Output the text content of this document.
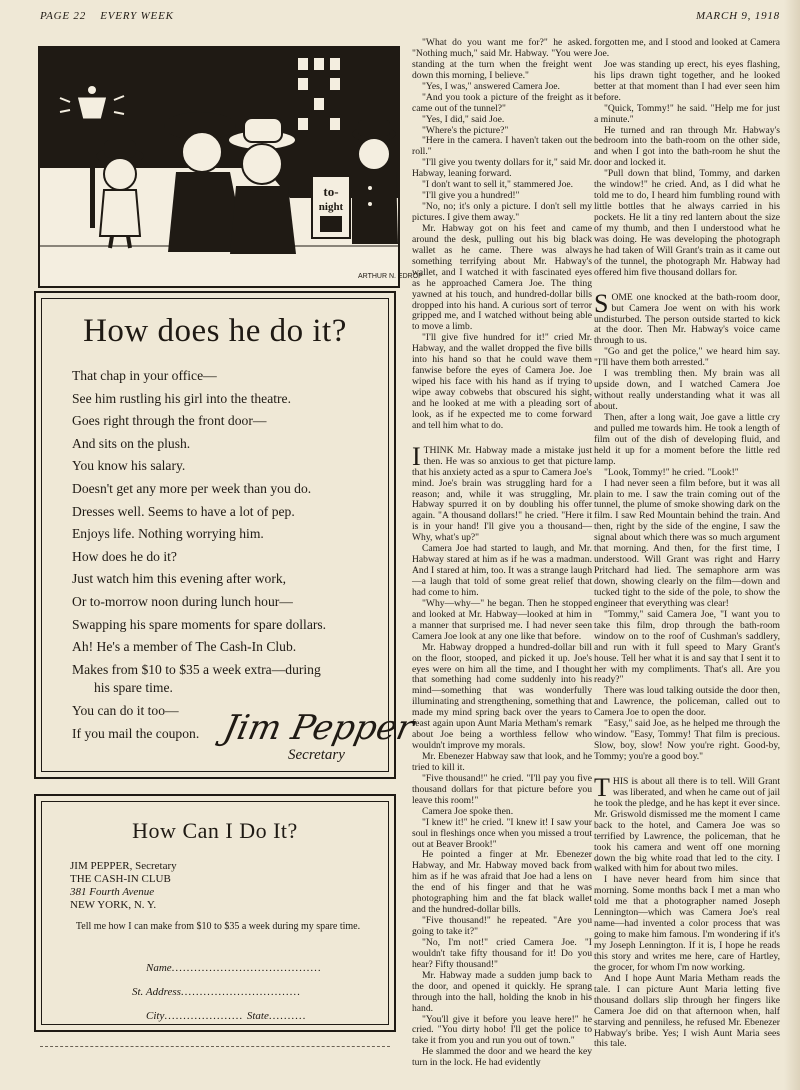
PAGE 22 EVERY WEEK	MARCH 9, 1918
to-
night
ARTHUR N. EDROP
How does he do it?
That chap in your office—
See him rustling his girl into the theatre.
Goes right through the front door—
And sits on the plush.
You know his salary.
Doesn't get any more per week than you do.
Dresses well. Seems to have a lot of pep.
Enjoys life. Nothing worrying him.
How does he do it?
Just watch him this evening after work,
Or to-morrow noon during lunch hour—
Swapping his spare moments for spare dollars.
Ah! He's a member of The Cash-In Club.
Makes from $10 to $35 a week extra—during
his spare time.
You can do it too—
If you mail the coupon. Jim Pepper
Secretary
How Can I Do It?
JIM PEPPER, Secretary
THE CASH-IN CLUB
381 Fourth Avenue
NEW YORK, N. Y.
Tell me how I can make from $10 to $35 a week during my spare time.
Name........................................
St. Address................................
City..................... State..........

"What do you want me for?" he asked. "Nothing much," said Mr. Habway. "You were standing at the turn when the freight went down this morning, I believe."

"Yes, I was," answered Camera Joe.

"And you took a picture of the freight as it came out of the tunnel?"

"Yes, I did," said Joe.

"Where's the picture?"

"Here in the camera. I haven't taken out the roll."

"I'll give you twenty dollars for it," said Mr. Habway, leaning forward.

"I don't want to sell it," stammered Joe.

"I'll give you a hundred!"

"No, no; it's only a picture. I don't sell my pictures. I give them away."

Mr. Habway got on his feet and came around the desk, pulling out his big black wallet as he came. There was always something terrifying about Mr. Habway's wallet, and I watched it with fascinated eyes as he approached Camera Joe. The thing yawned at his touch, and hundred-dollar bills dropped into his hand. A curious sort of terror gripped me, and I watched without being able to move a limb.

"I'll give five hundred for it!" cried Mr. Habway, and the wallet dropped the five bills into his hand so that he could wave them fanwise before the eyes of Camera Joe. Joe wiped his face with his hand as if trying to wipe away cobwebs that obscured his sight, and he looked at me with a pleading sort of look, as if he expected me to come forward and tell him what to do.

ITHINK Mr. Habway made a mistake just then. He was so anxious to get that picture that his anxiety acted as a spur to Camera Joe's mind. Joe's brain was struggling hard for a reason; and, while it was struggling, Mr. Habway spurred it on by doubling his offer again. "A thousand dollars!" he cried. "Here it is in your hand! I'll give you a thousand— Why, what's up?"

Camera Joe had started to laugh, and Mr. Habway stared at him as if he was a madman. And I stared at him, too. It was a strange laugh—a laugh that told of some great relief that had come to him.

"Why—why—" he began. Then he stopped and looked at Mr. Habway—looked at him in a manner that surprised me. I had never seen Camera Joe look at any one like that before.

Mr. Habway dropped a hundred-dollar bill on the floor, stooped, and picked it up. Joe's eyes were on him all the time, and I thought that something had come suddenly into his mind—something that was wonderfully illuminating and strengthening, something that made my mind spring back over the years to feast again upon Aunt Maria Metham's remark about Joe being a worthless fellow who wouldn't improve my morals.

Mr. Ebenezer Habway saw that look, and he tried to kill it.

"Five thousand!" he cried. "I'll pay you five thousand dollars for that picture before you leave this room!"

Camera Joe spoke then.

"I knew it!" he cried. "I knew it! I saw your soul in fleshings once when you missed a trout out at Beaver Brook!"

He pointed a finger at Mr. Ebenezer Habway, and Mr. Habway moved back from him as if he was afraid that Joe had a lens on the end of his finger and that he was photographing him and the fat black wallet and the hundred-dollar bills.

"Five thousand!" he repeated. "Are you going to take it?"

"No, I'm not!" cried Camera Joe. "I wouldn't take fifty thousand for it! Do you hear? Fifty thousand!"

Mr. Habway made a sudden jump back to the door, and opened it quickly. He sprang through into the hall, holding the knob in his hand.

"You'll give it before you leave here!" he cried. "You dirty hobo! I'll get the police to take it from you and run you out of town."

He slammed the door and we heard the key turn in the lock. He had evidently

forgotten me, and I stood and looked at Camera Joe.

Joe was standing up erect, his eyes flashing, his lips drawn tight together, and he looked better at that moment than I had ever seen him before.

"Quick, Tommy!" he said. "Help me for just a minute."

He turned and ran through Mr. Habway's bedroom into the bath-room on the other side, and when I got into the bath-room he shut the door and locked it.

"Pull down that blind, Tommy, and darken the window!" he cried. And, as I did what he told me to do, I heard him fumbling round with little bottles that he always carried in his pockets. He lit a tiny red lantern about the size of my thumb, and then I understood what he was doing. He was developing the photograph he had taken of Will Grant's train as it came out of the tunnel, the photograph Mr. Habway had offered him five thousand dollars for.

SOME one knocked at the bath-room door, but Camera Joe went on with his work undisturbed. The person outside started to kick at the door. Then Mr. Habway's voice came through to us.

"Go and get the police," we heard him say. "I'll have them both arrested."

I was trembling then. My brain was all upside down, and I watched Camera Joe without really understanding what it was all about.

Then, after a long wait, Joe gave a little cry and pulled me towards him. He took a length of film out of the dish of developing fluid, and held it up for a moment before the little red lamp.

"Look, Tommy!" he cried. "Look!"

I had never seen a film before, but it was all plain to me. I saw the train coming out of the tunnel, the plume of smoke showing dark on the film. I saw Red Mountain behind the train. And then, right by the side of the engine, I saw the signal about which there was so much argument that morning. And then, for the first time, I understood. Will Grant was right and Harry Pritchard had lied. The semaphore arm was down, showing clearly on the film—down and tucked tight to the side of the pole, to show the engineer that everything was clear!

"Tommy," said Camera Joe, "I want you to take this film, drop through the bath-room window on to the roof of Cushman's saddlery, and run with it full speed to Mary Grant's house. Tell her what it is and say that I sent it to her with my compliments. That's all. Are you ready?"

There was loud talking outside the door then, and Lawrence, the policeman, called out to Camera Joe to open the door.

"Easy," said Joe, as he helped me through the window. "Easy, Tommy! That film is precious. Slow, boy, slow! Now you're right. Good-by, Tommy; you're a good boy."

THIS is about all there is to tell. Will Grant was liberated, and when he came out of jail he took the pledge, and he has kept it ever since. Mr. Griswold dismissed me the moment I came back to the hotel, and Camera Joe was so terrified by Lawrence, the policeman, that he took his camera and went off one morning down the big white road that led to the city. I walked with him for about two miles.

I have never heard from him since that morning. Some months back I met a man who told me that a photographer named Joseph Lennington—which was Camera Joe's real name—had invented a color process that was going to make him famous. I'm wondering if it's my Joseph Lennington. If it is, I hope he reads this story and writes me here, care of Hartley, the grocer, for whom I'm now working.

And I hope Aunt Maria Metham reads the tale. I can picture Aunt Maria letting five thousand dollars slip through her fingers like Camera Joe did on that afternoon when, half starving and penniless, he refused Mr. Ebenezer Habway's bribe. Yes; I wish Aunt Maria sees this tale.
